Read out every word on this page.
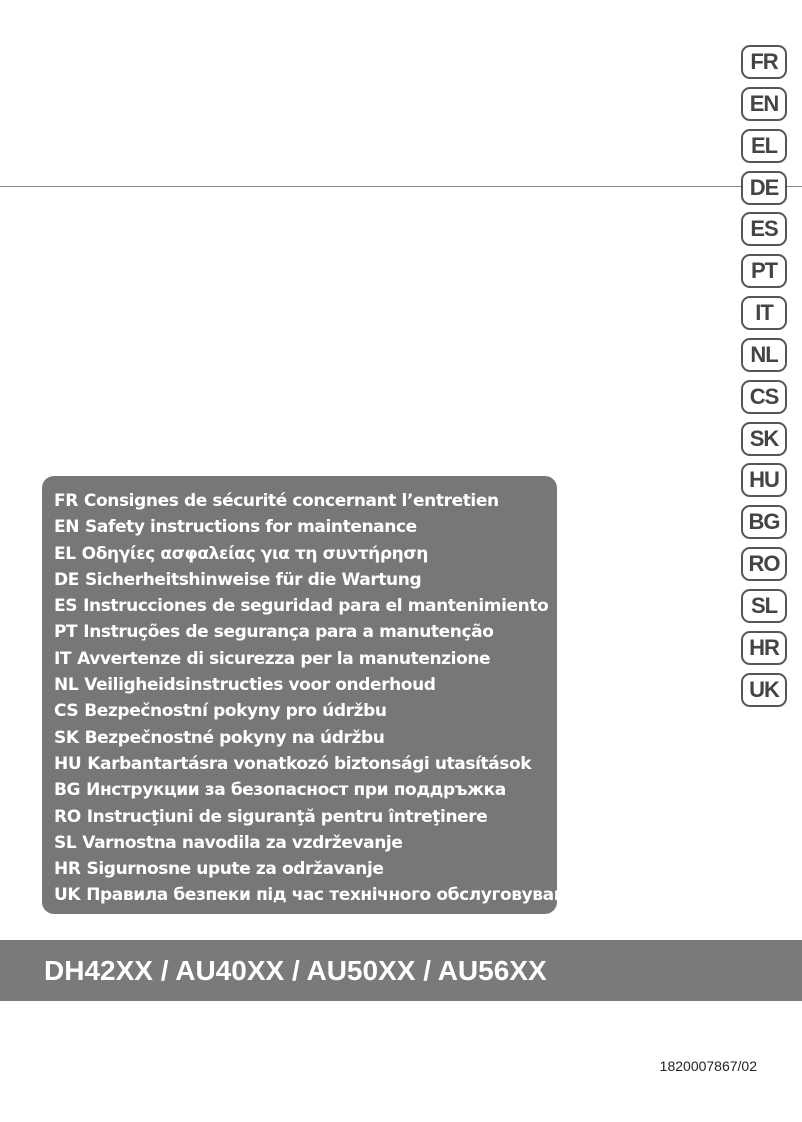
FR
EN
EL
DE
ES
PT
IT
NL
CS
SK
HU
BG
RO
SL
HR
UK
FR Consignes de sécurité concernant l’entretien
EN Safety instructions for maintenance
EL Οδηγίες ασφαλείας για τη συντήρηση
DE Sicherheitshinweise für die Wartung
ES Instrucciones de seguridad para el mantenimiento
PT Instruções de segurança para a manutenção
IT Avvertenze di sicurezza per la manutenzione
NL Veiligheidsinstructies voor onderhoud
CS Bezpečnostní pokyny pro údržbu
SK Bezpečnostné pokyny na údržbu
HU Karbantartásra vonatkozó biztonsági utasítások
BG Инструкции за безопасност при поддръжка
RO Instrucţiuni de siguranţă pentru întreţinere
SL Varnostna navodila za vzdrževanje
HR Sigurnosne upute za održavanje
UK Правила безпеки під час технічного обслуговування
DH42XX / AU40XX / AU50XX / AU56XX
1820007867/02
